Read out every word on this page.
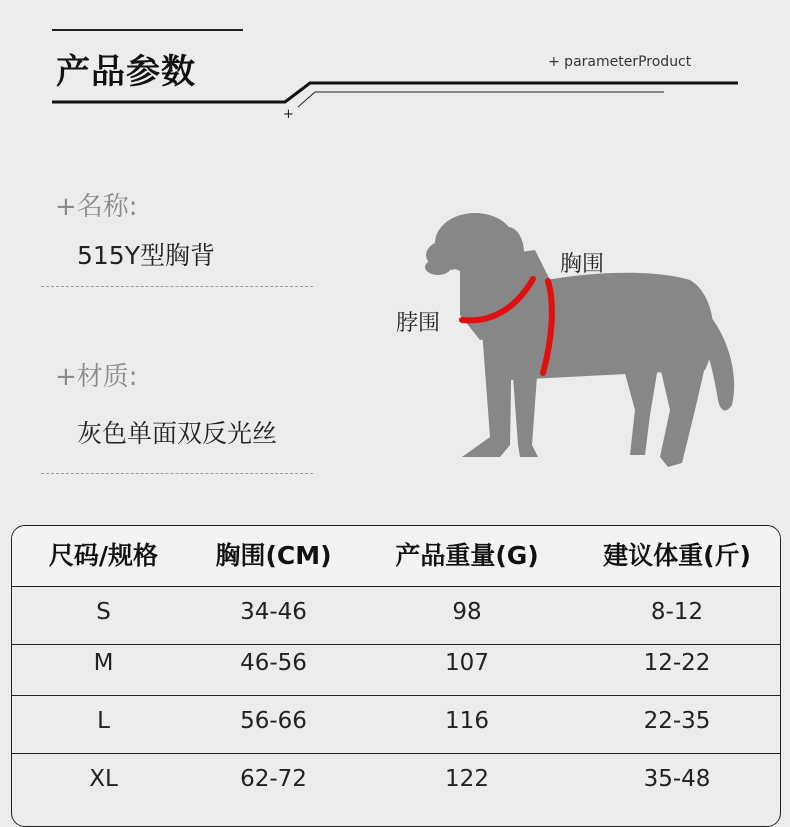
产品参数	+ parameterProduct
+
+名称:
515Y型胸背
+材质:
灰色单面双反光丝
胸围
脖围
尺码/规格	胸围(CM)	产品重量(G)	建议体重(斤)
S	34-46	98	8-12
M	46-56	107	12-22
L	56-66	116	22-35
XL	62-72	122	35-48
